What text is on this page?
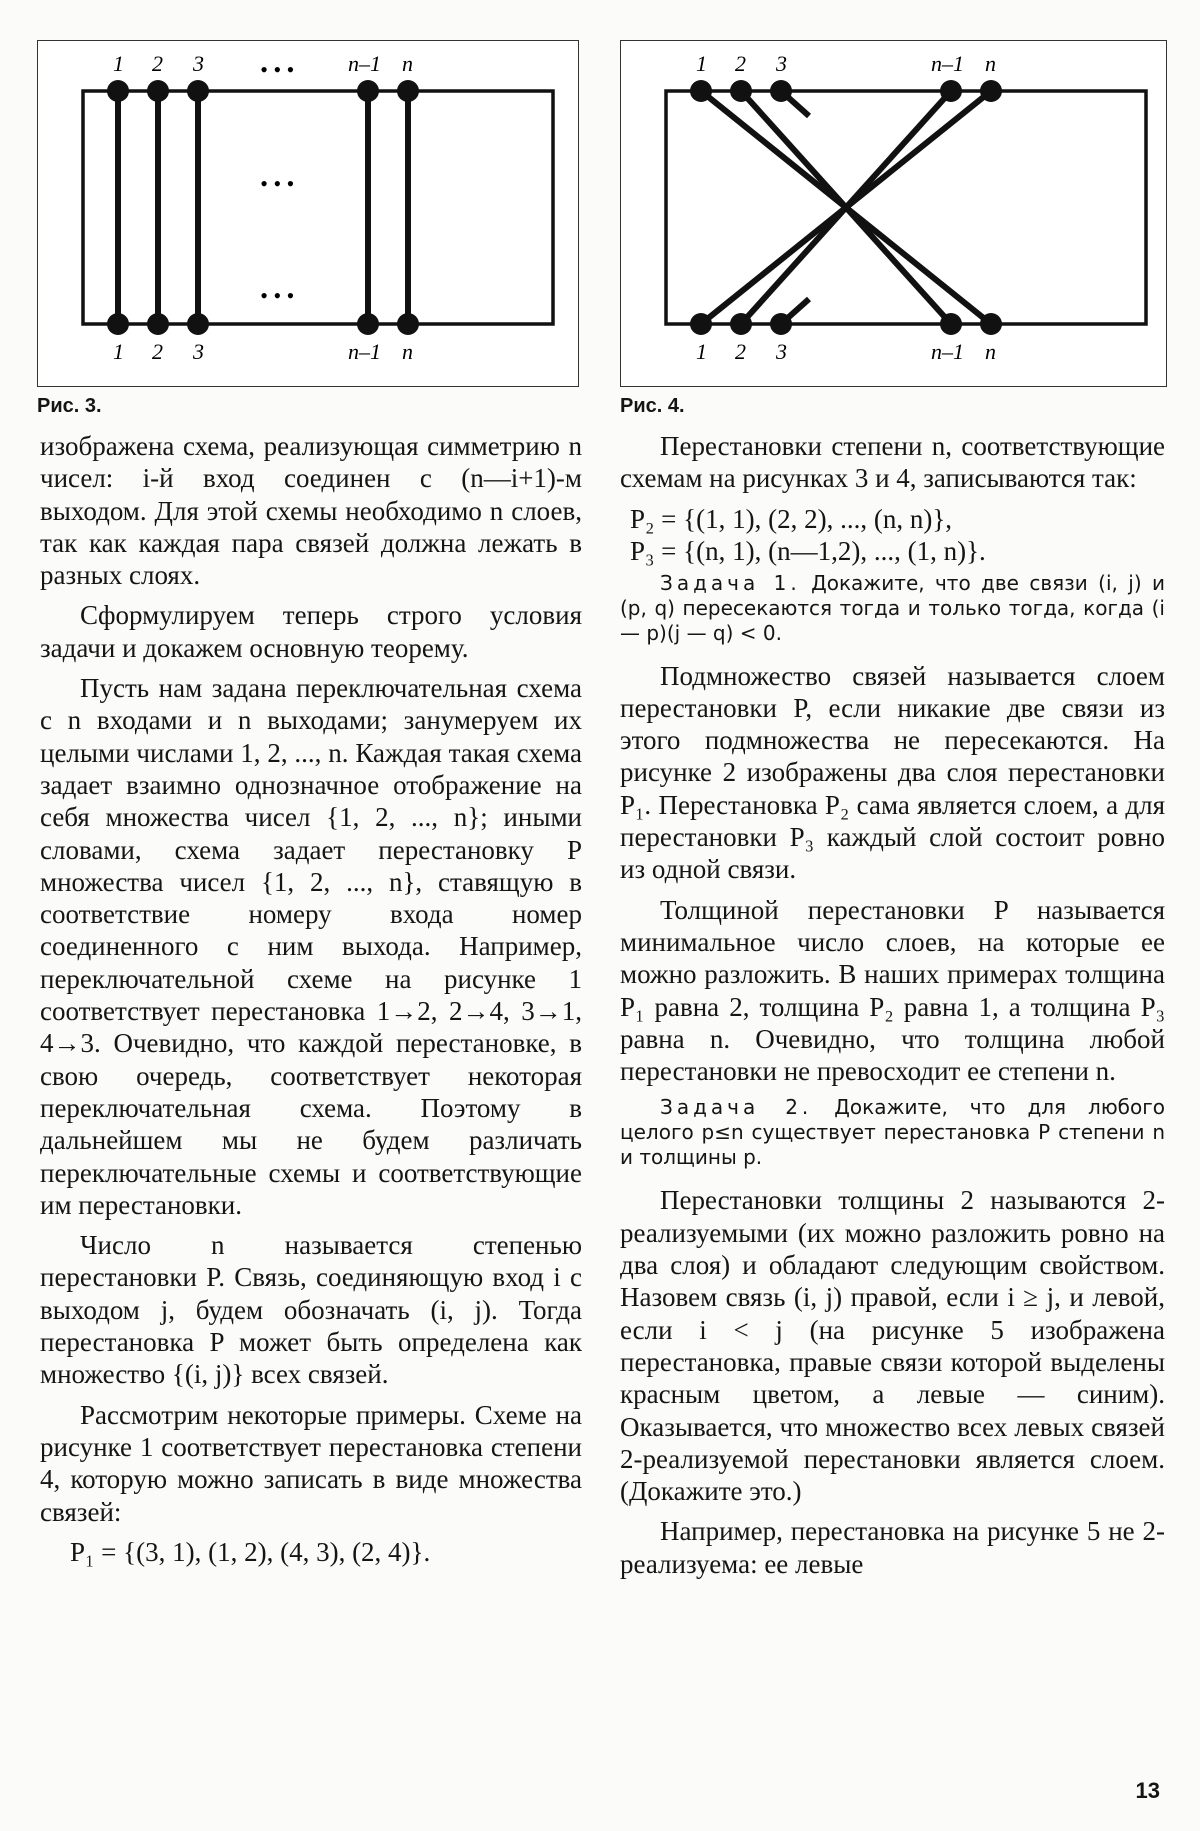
1 2 3	• • • n–1 n
• • •
1 2 3
• • •
n–1 n
Рис. 3.
1 2 3	n–1 n
1 2 3	n–1 n
Рис. 4.

изображена схема, реализующая симметрию n чисел: i-й вход соединен с (n—i+1)-м выходом. Для этой схемы необходимо n слоев, так как каждая пара связей должна лежать в разных слоях.

Сформулируем теперь строго условия задачи и докажем основную теорему.

Пусть нам задана переключательная схема с n входами и n выходами; занумеруем их целыми числами 1, 2, ..., n. Каждая такая схема задает взаимно однозначное отображение на себя множества чисел {1, 2, ..., n}; иными словами, схема задает перестановку P множества чисел {1, 2, ..., n}, ставящую в соответствие номеру входа номер соединенного с ним выхода. Например, переключательной схеме на рисунке 1 соответствует перестановка 1→2, 2→4, 3→1, 4→3. Очевидно, что каждой перестановке, в свою очередь, соответствует некоторая переключательная схема. Поэтому в дальнейшем мы не будем различать переключательные схемы и соответствующие им перестановки.

Число n называется степенью перестановки P. Связь, соединяющую вход i с выходом j, будем обозначать (i, j). Тогда перестановка P может быть определена как множество {(i, j)} всех связей.

Рассмотрим некоторые примеры. Схеме на рисунке 1 соответствует перестановка степени 4, которую можно записать в виде множества связей:

P₁ = {(3, 1), (1, 2), (4, 3), (2, 4)}.

Перестановки степени n, соответствующие схемам на рисунках 3 и 4, записываются так:

P₂ = {(1, 1), (2, 2), ..., (n, n)},
P₃ = {(n, 1), (n—1,2), ..., (1, n)}.
Задача 1. Докажите, что две связи (i, j) и (p, q) пересекаются тогда и только тогда, когда (i— p)(j — q) < 0.

Подмножество связей называется слоем перестановки P, если никакие две связи из этого подмножества не пересекаются. На рисунке 2 изображены два слоя перестановки P₁. Перестановка P₂ сама является слоем, а для перестановки P₃ каждый слой состоит ровно из одной связи.

Толщиной перестановки P называется минимальное число слоев, на которые ее можно разложить. В наших примерах толщина P₁ равна 2, толщина P₂ равна 1, а толщина P₃ равна n. Очевидно, что толщина любой перестановки не превосходит ее степени n.

Задача 2. Докажите, что для любого целого p≤n существует перестановка P степени n и толщины p.

Перестановки толщины 2 называются 2-реализуемыми (их можно разложить ровно на два слоя) и обладают следующим свойством. Назовем связь (i, j) правой, если i ≥ j, и левой, если i < j (на рисунке 5 изображена перестановка, правые связи которой выделены красным цветом, а левые — синим). Оказывается, что множество всех левых связей 2-реализуемой перестановки является слоем. (Докажите это.)

Например, перестановка на рисунке 5 не 2-реализуема: ее левые

13
